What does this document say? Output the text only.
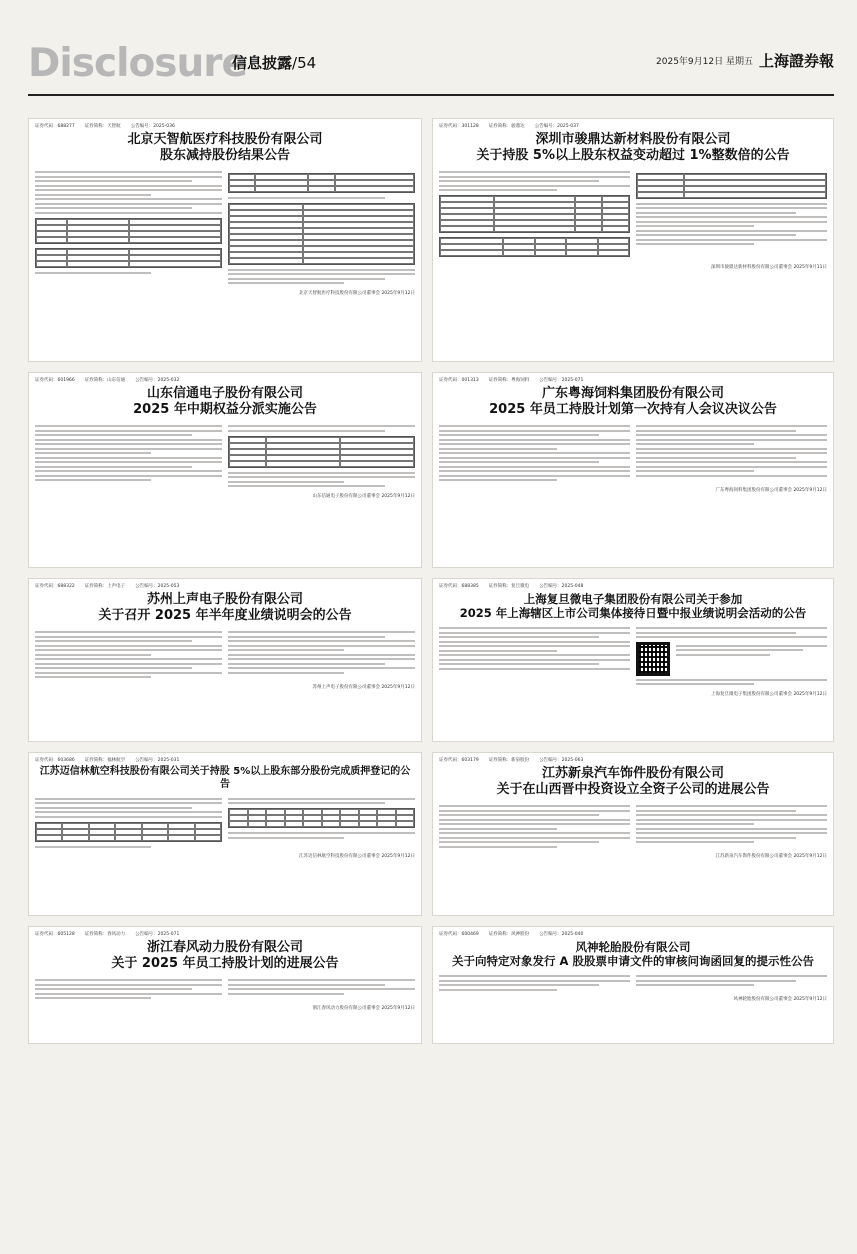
Disclosure
信息披露/54	2025年9月12日 星期五 上海證券報
证券代码：688277 证券简称：天智航 公告编号：2025-036
北京天智航医疗科技股份有限公司
股东减持股份结果公告
北京天智航医疗科技股份有限公司董事会 2025年9月12日
证券代码：301128 证券简称：骏鼎达 公告编号：2025-037
深圳市骏鼎达新材料股份有限公司
关于持股 5%以上股东权益变动超过 1%整数倍的公告
深圳市骏鼎达新材料股份有限公司董事会 2025年9月11日
证券代码：601966 证券简称：山东信通 公告编号：2025-032
山东信通电子股份有限公司
2025 年中期权益分派实施公告
山东信通电子股份有限公司董事会 2025年9月12日
证券代码：001313 证券简称：粤海饲料 公告编号：2025-071
广东粤海饲料集团股份有限公司
2025 年员工持股计划第一次持有人会议决议公告
广东粤海饲料集团股份有限公司董事会 2025年9月12日
证券代码：688322 证券简称：上声电子 公告编号：2025-053
苏州上声电子股份有限公司
关于召开 2025 年半年度业绩说明会的公告
苏州上声电子股份有限公司董事会 2025年9月12日
证券代码：688385 证券简称：复旦微电 公告编号：2025-048
上海复旦微电子集团股份有限公司关于参加
2025 年上海辖区上市公司集体接待日暨中报业绩说明会活动的公告
上海复旦微电子集团股份有限公司董事会 2025年9月12日
证券代码：603686 证券简称：福林航空 公告编号：2025-031
江苏迈信林航空科技股份有限公司关于持股 5%以上股东部分股份完成质押登记的公告
江苏迈信林航空科技股份有限公司董事会 2025年9月12日
证券代码：603179 证券简称：新泉股份 公告编号：2025-063
江苏新泉汽车饰件股份有限公司
关于在山西晋中投资设立全资子公司的进展公告
江苏新泉汽车饰件股份有限公司董事会 2025年9月12日
证券代码：605128 证券简称：春风动力 公告编号：2025-071
浙江春风动力股份有限公司
关于 2025 年员工持股计划的进展公告
浙江春风动力股份有限公司董事会 2025年9月12日
证券代码：600469 证券简称：风神股份 公告编号：2025-040
风神轮胎股份有限公司
关于向特定对象发行 A 股股票申请文件的审核问询函回复的提示性公告
风神轮胎股份有限公司董事会 2025年9月12日
